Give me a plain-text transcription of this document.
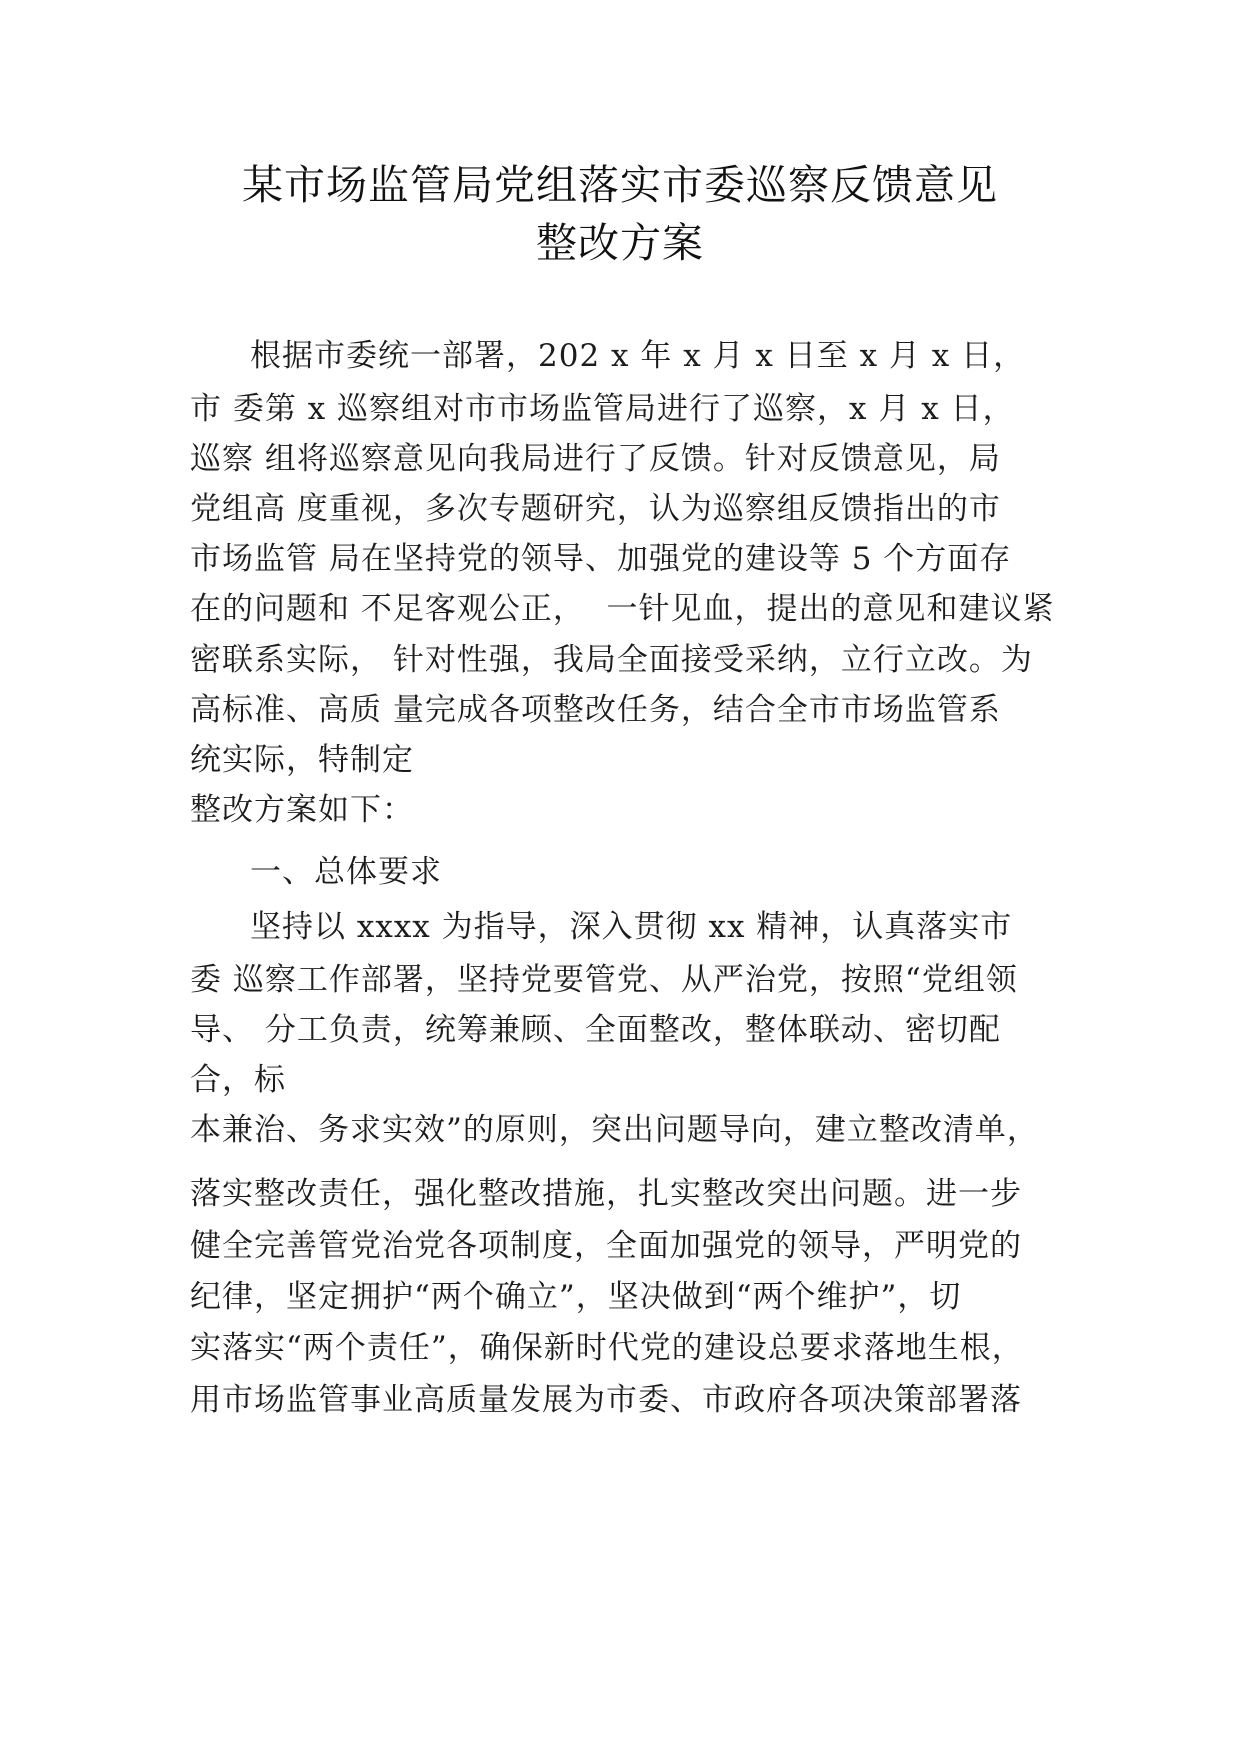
某市场监管局党组落实市委巡察反馈意见
整改方案
根据市委统一部署，202 x 年 x 月 x 日至 x 月 x 日，
市 委第 x 巡察组对市市场监管局进行了巡察，x 月 x 日，
巡察 组将巡察意见向我局进行了反馈。针对反馈意见，局
党组高 度重视，多次专题研究，认为巡察组反馈指出的市
市场监管 局在坚持党的领导、加强党的建设等 5 个方面存
在的问题和 不足客观公正，  一针见血，提出的意见和建议紧
密联系实际， 针对性强，我局全面接受采纳，立行立改。为
高标准、高质 量完成各项整改任务，结合全市市场监管系
统实际，特制定
整改方案如下：
一、总体要求
坚持以 xxxx 为指导，深入贯彻 xx 精神，认真落实市
委 巡察工作部署，坚持党要管党、从严治党，按照“党组领
导、 分工负责，统筹兼顾、全面整改，整体联动、密切配
合，标
本兼治、务求实效”的原则，突出问题导向，建立整改清单，
落实整改责任，强化整改措施，扎实整改突出问题。进一步
健全完善管党治党各项制度，全面加强党的领导，严明党的
纪律，坚定拥护“两个确立”，坚决做到“两个维护”，切
实落实“两个责任”，确保新时代党的建设总要求落地生根，
用市场监管事业高质量发展为市委、市政府各项决策部署落
